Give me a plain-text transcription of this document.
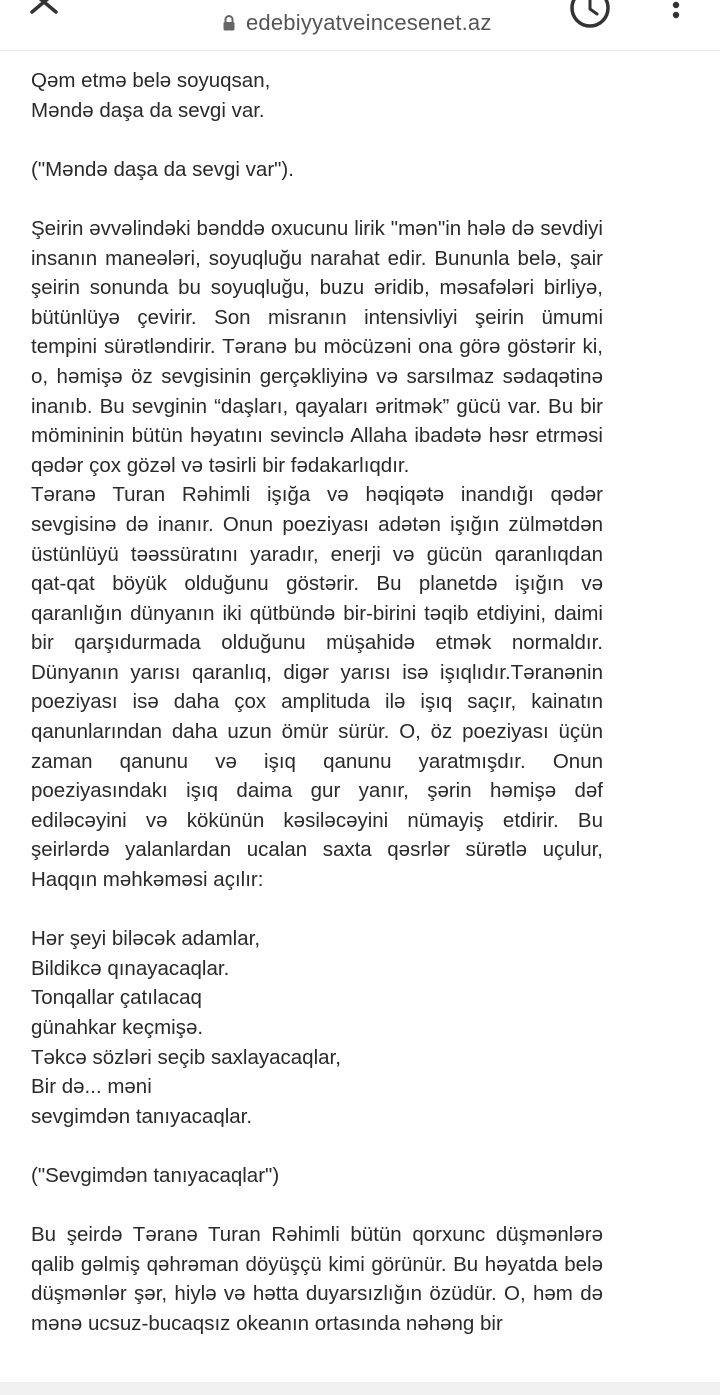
edebiyyatveincesenet.az

Qəm etmə belə soyuqsan,

Məndə daşa da sevgi var.

("Məndə daşa da sevgi var").

Şeirin əvvəlindəki bənddə oxucunu lirik "mən"in hələ də sevdiyi insanın maneələri, soyuqluğu narahat edir. Bununla belə, şair şeirin sonunda bu soyuqluğu, buzu əridib, məsafələri birliyə, bütünlüyə çevirir. Son misranın intensivliyi şeirin ümumi tempini sürətləndirir. Təranə bu möcüzəni ona görə göstərir ki, o, həmişə öz sevgisinin gerçəkliyinə və sarsılmaz sədaqətinə inanıb. Bu sevginin “daşları, qayaları əritmək” gücü var. Bu bir mömininin bütün həyatını sevinclə Allaha ibadətə həsr etrməsi qədər çox gözəl və təsirli bir fədakarlıqdır.

Təranə Turan Rəhimli işığa və həqiqətə inandığı qədər sevgisinə də inanır. Onun poeziyası adətən işığın zülmətdən üstünlüyü təəssüratını yaradır, enerji və gücün qaranlıqdan qat-qat böyük olduğunu göstərir. Bu planetdə işığın və qaranlığın dünyanın iki qütbündə bir-birini təqib etdiyini, daimi bir qarşıdurmada olduğunu müşahidə etmək normaldır. Dünyanın yarısı qaranlıq, digər yarısı isə işıqlıdır.Təranənin poeziyası isə daha çox amplituda ilə işıq saçır, kainatın qanunlarından daha uzun ömür sürür. O, öz poeziyası üçün zaman qanunu və işıq qanunu yaratmışdır. Onun poeziyasındakı işıq daima gur yanır, şərin həmişə dəf ediləcəyini və kökünün kəsiləcəyini nümayiş etdirir. Bu şeirlərdə yalanlardan ucalan saxta qəsrlər sürətlə uçulur, Haqqın məhkəməsi açılır:

Hər şeyi biləcək adamlar,

Bildikcə qınayacaqlar.

Tonqallar çatılacaq

günahkar keçmişə.

Təkcə sözləri seçib saxlayacaqlar,

Bir də... məni

sevgimdən tanıyacaqlar.

("Sevgimdən tanıyacaqlar")

Bu şeirdə Təranə Turan Rəhimli bütün qorxunc düşmənlərə qalib gəlmiş qəhrəman döyüşçü kimi görünür. Bu həyatda belə düşmənlər şər, hiylə və hətta duyarsızlığın özüdür. O, həm də mənə ucsuz-bucaqsız okeanın ortasında nəhəng bir
